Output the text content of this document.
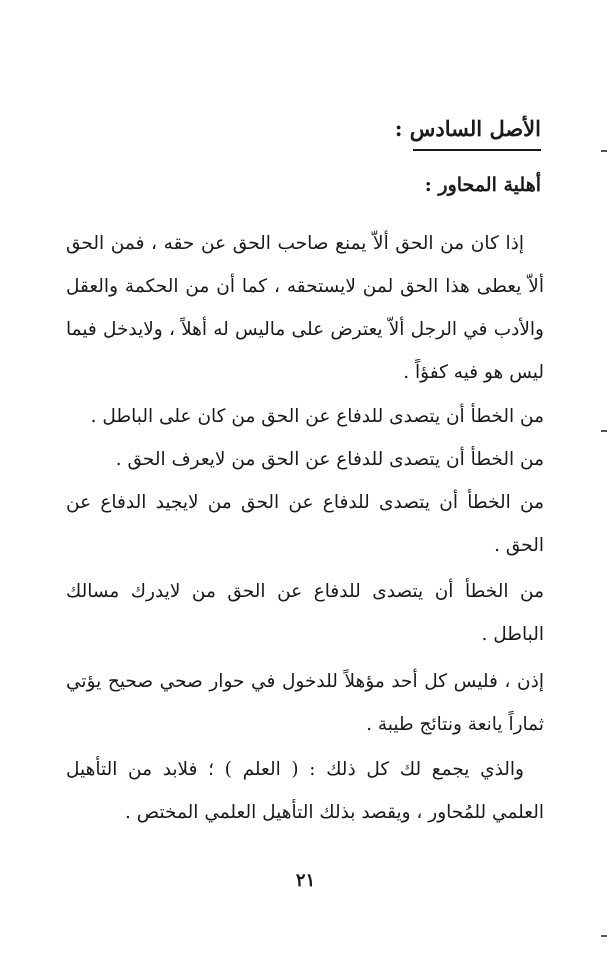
الأصل السادس :
أهلية المحاور :

إذا كان من الحق ألاّ يمنع صاحب الحق عن حقه ، فمن الحق ألاّ يعطى هذا الحق لمن لايستحقه ، كما أن من الحكمة والعقل والأدب في الرجل ألاّ يعترض على ماليس له أهلاً ، ولايدخل فيما ليس هو فيه كفؤاً .

من الخطأ أن يتصدى للدفاع عن الحق من كان على الباطل .

من الخطأ أن يتصدى للدفاع عن الحق من لايعرف الحق .

من الخطأ أن يتصدى للدفاع عن الحق من لايجيد الدفاع عن الحق .

من الخطأ أن يتصدى للدفاع عن الحق من لايدرك مسالك الباطل .

إذن ، فليس كل أحد مؤهلاً للدخول في حوار صحي صحيح يؤتي ثماراً يانعة ونتائج طيبة .

والذي يجمع لك كل ذلك : ( العلم ) ؛ فلابد من التأهيل العلمي للمُحاور ، ويقصد بذلك التأهيل العلمي المختص .

٢١
